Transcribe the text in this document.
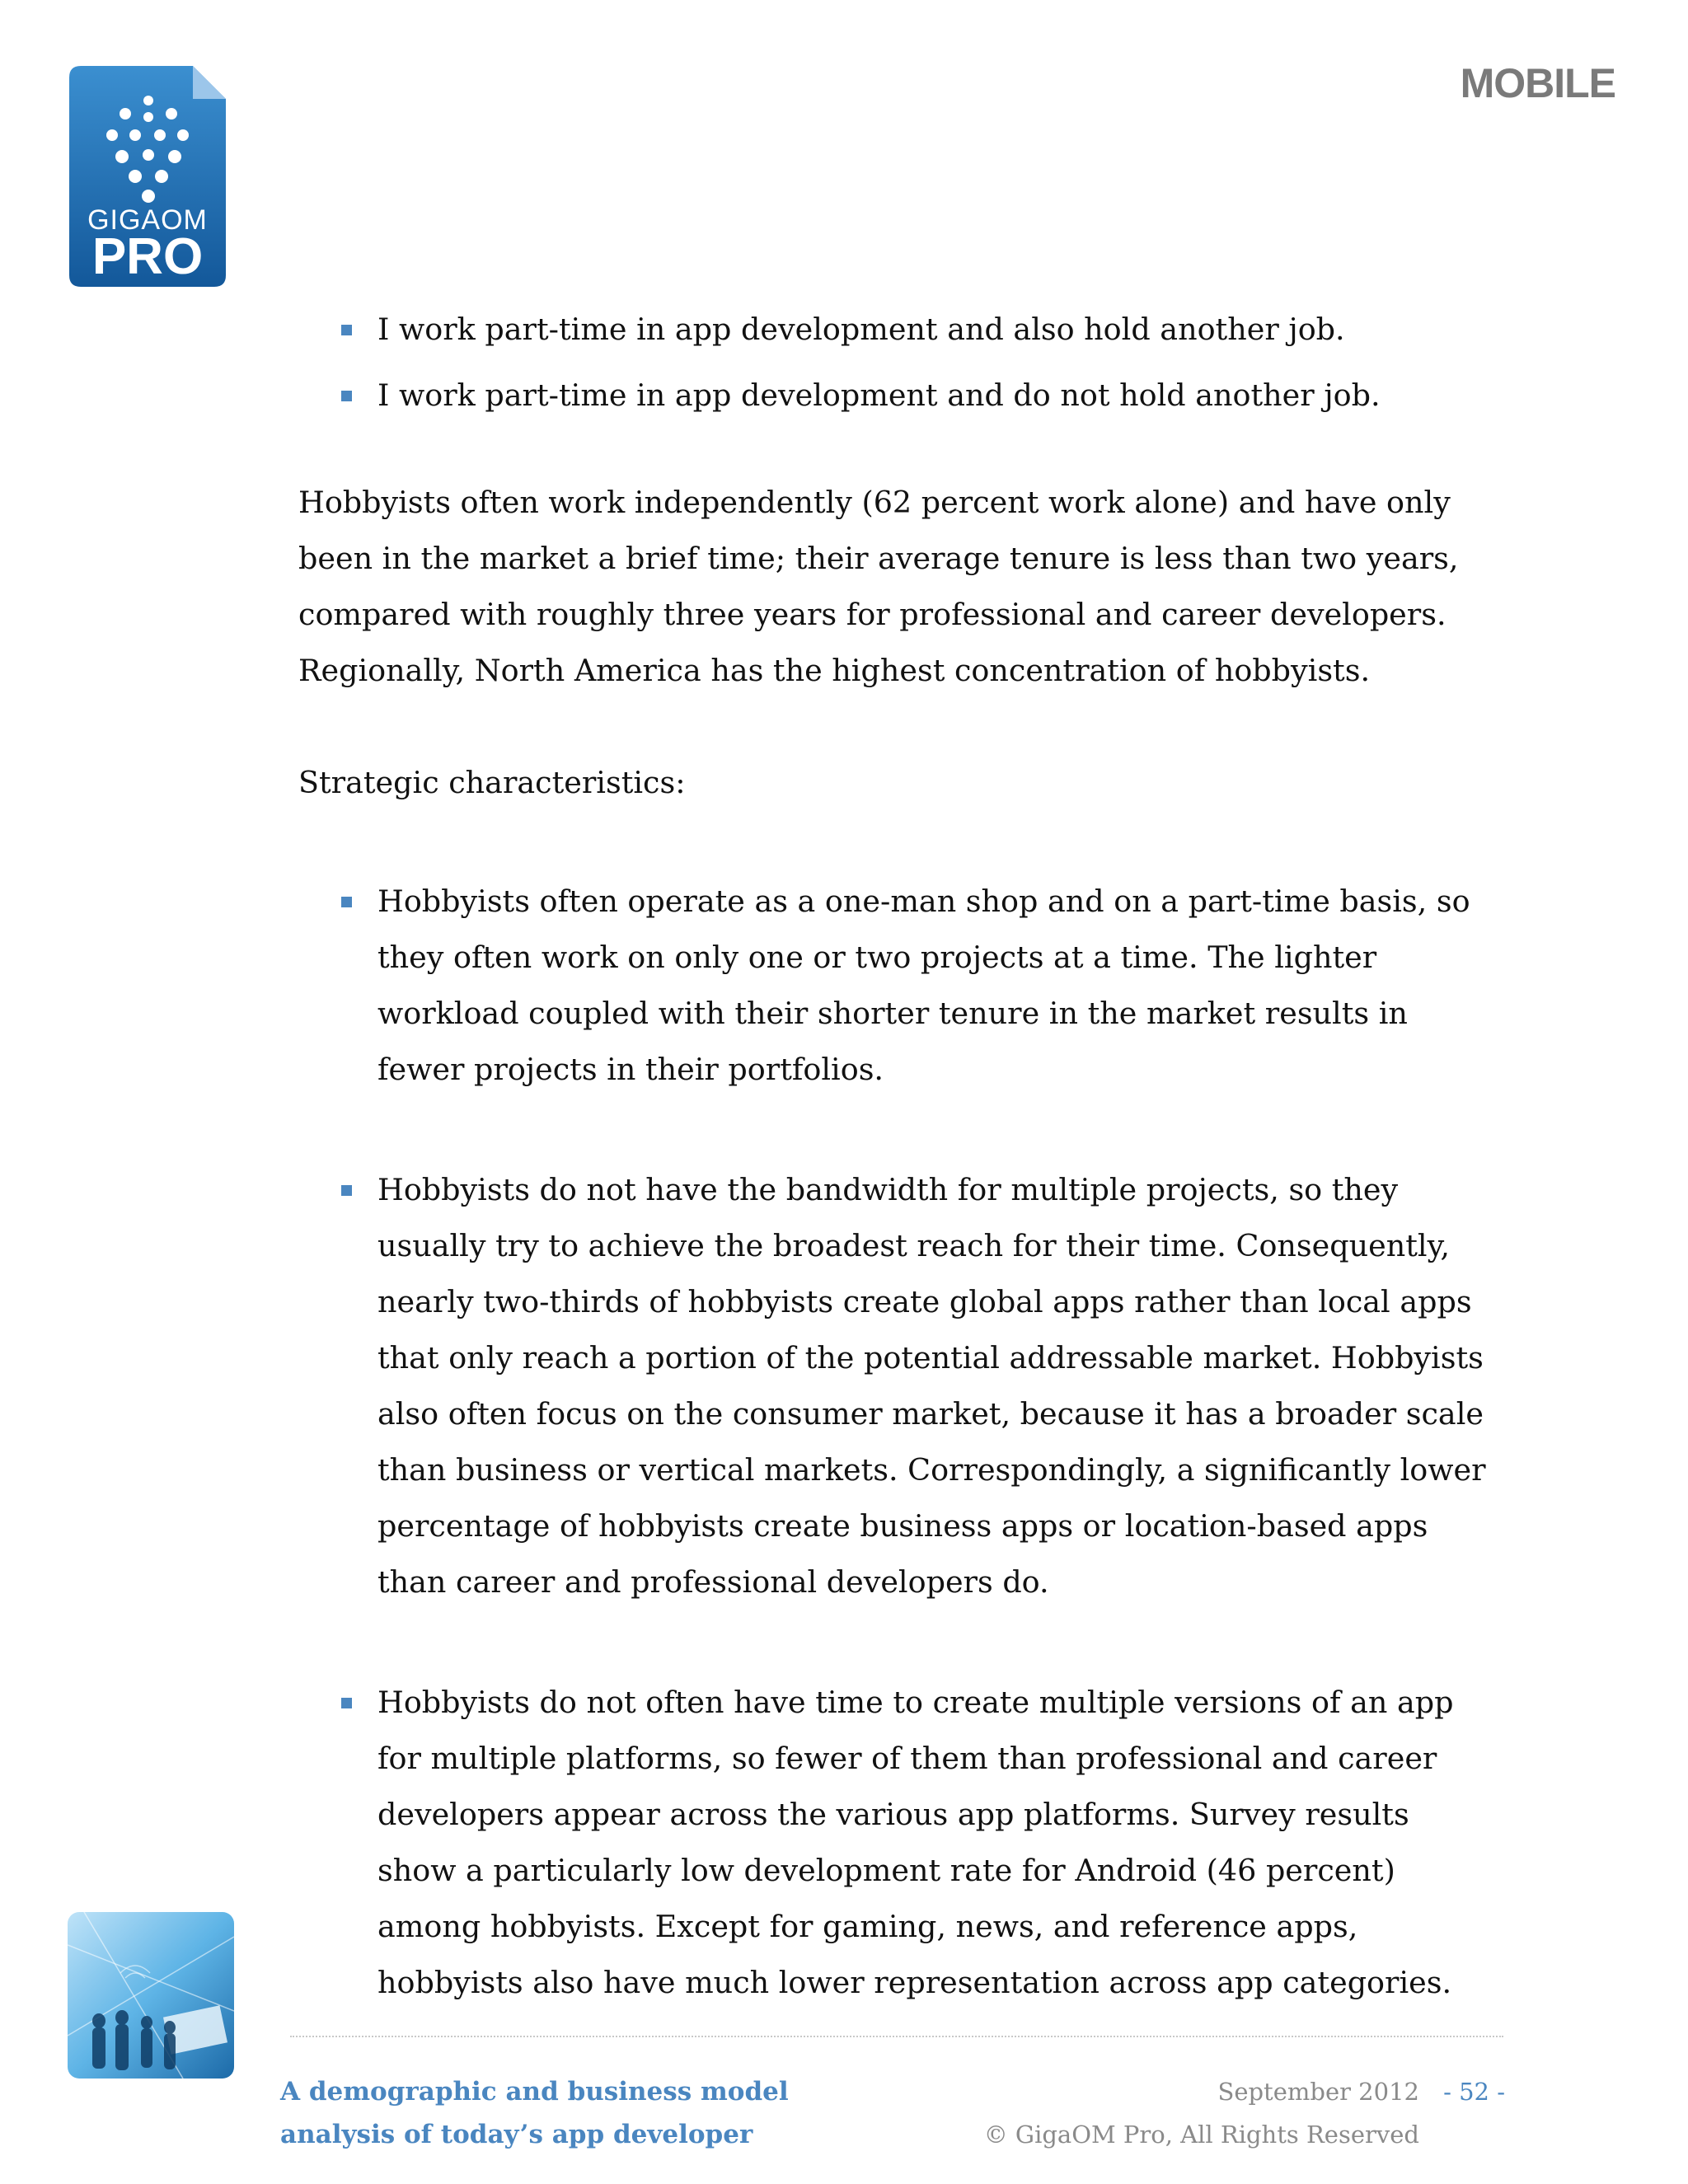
GIGAOM
PRO
MOBILE
I work part-time in app development and also hold another job.
I work part-time in app development and do not hold another job.

Hobbyists often work independently (62 percent work alone) and have only been in the market a brief time; their average tenure is less than two years, compared with roughly three years for professional and career developers. Regionally, North America has the highest concentration of hobbyists.

Strategic characteristics:

Hobbyists often operate as a one-man shop and on a part-time basis, so they often work on only one or two projects at a time. The lighter workload coupled with their shorter tenure in the market results in fewer projects in their portfolios.
Hobbyists do not have the bandwidth for multiple projects, so they usually try to achieve the broadest reach for their time. Consequently, nearly two-thirds of hobbyists create global apps rather than local apps that only reach a portion of the potential addressable market. Hobbyists also often focus on the consumer market, because it has a broader scale than business or vertical markets. Correspondingly, a significantly lower percentage of hobbyists create business apps or location-based apps than career and professional developers do.
Hobbyists do not often have time to create multiple versions of an app for multiple platforms, so fewer of them than professional and career developers appear across the various app platforms. Survey results show a particularly low development rate for Android (46 percent) among hobbyists. Except for gaming, news, and reference apps, hobbyists also have much lower representation across app categories.
A demographic and business model
analysis of today’s app developer
September 2012 - 52 -
© GigaOM Pro, All Rights Reserved
